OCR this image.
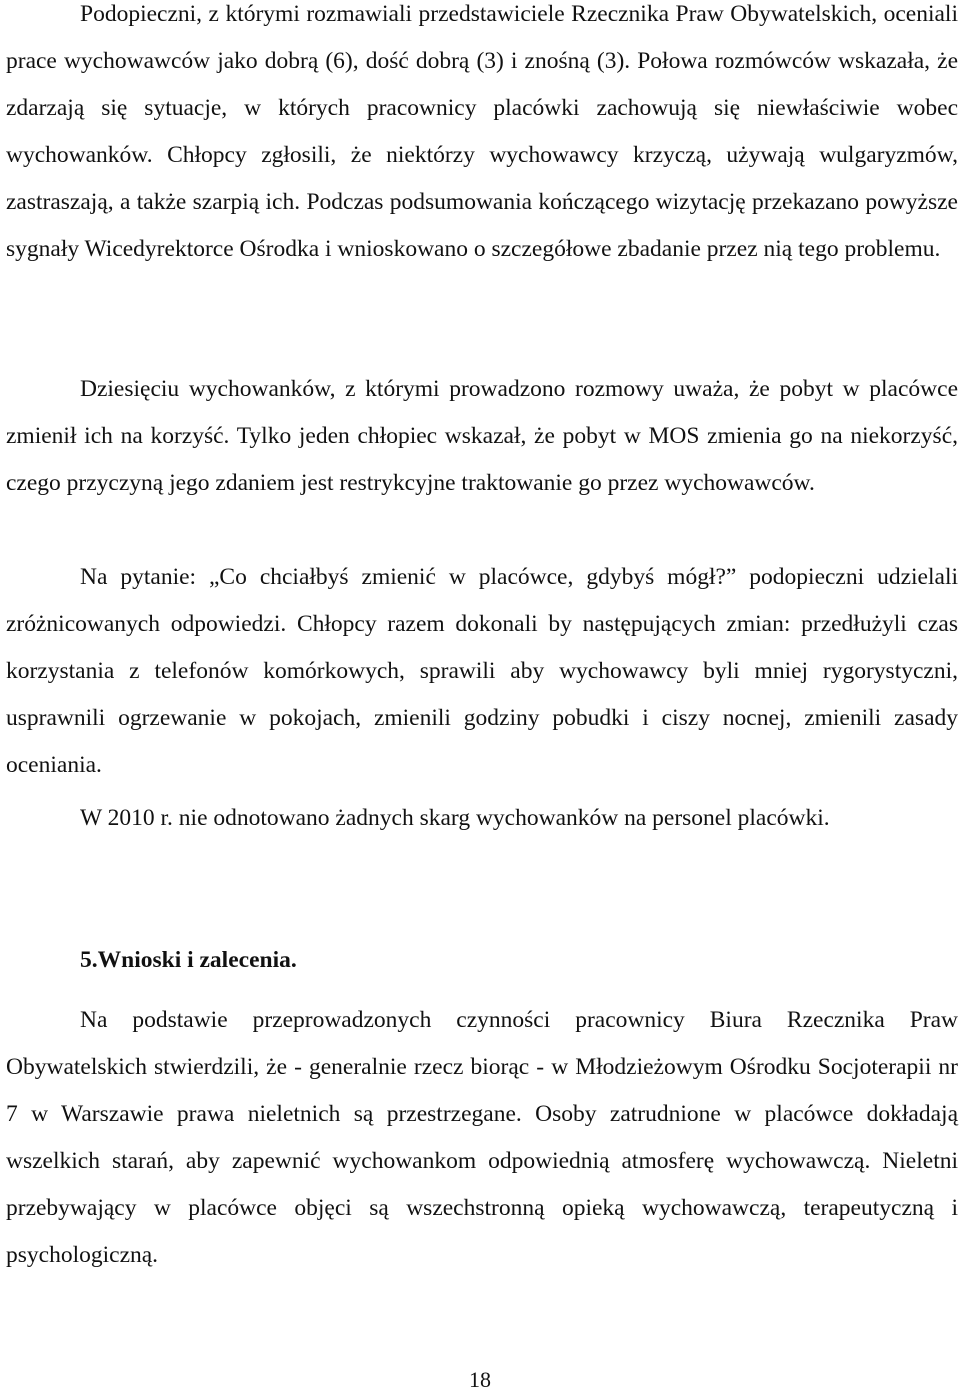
Podopieczni, z którymi rozmawiali przedstawiciele Rzecznika Praw Obywatelskich, oceniali prace wychowawców jako dobrą (6), dość dobrą (3) i znośną (3). Połowa rozmówców wskazała, że zdarzają się sytuacje, w których pracownicy placówki zachowują się niewłaściwie wobec wychowanków. Chłopcy zgłosili, że niektórzy wychowawcy krzyczą, używają wulgaryzmów, zastraszają, a także szarpią ich. Podczas podsumowania kończącego wizytację przekazano powyższe sygnały Wicedyrektorce Ośrodka i wnioskowano o szczegółowe zbadanie przez nią tego problemu.

Dziesięciu wychowanków, z którymi prowadzono rozmowy uważa, że pobyt w placówce zmienił ich na korzyść. Tylko jeden chłopiec wskazał, że pobyt w MOS zmienia go na niekorzyść, czego przyczyną jego zdaniem jest restrykcyjne traktowanie go przez wychowawców.

Na pytanie: „Co chciałbyś zmienić w placówce, gdybyś mógł?” podopieczni udzielali zróżnicowanych odpowiedzi. Chłopcy razem dokonali by następujących zmian: przedłużyli czas korzystania z telefonów komórkowych, sprawili aby wychowawcy byli mniej rygorystyczni, usprawnili ogrzewanie w pokojach, zmienili godziny pobudki i ciszy nocnej, zmienili zasady oceniania.

W 2010 r. nie odnotowano żadnych skarg wychowanków na personel placówki.

5.Wnioski i zalecenia.

Na podstawie przeprowadzonych czynności pracownicy Biura Rzecznika Praw Obywatelskich stwierdzili, że - generalnie rzecz biorąc - w Młodzieżowym Ośrodku Socjoterapii nr 7 w Warszawie prawa nieletnich są przestrzegane. Osoby zatrudnione w placówce dokładają wszelkich starań, aby zapewnić wychowankom odpowiednią atmosferę wychowawczą. Nieletni przebywający w placówce objęci są wszechstronną opieką wychowawczą, terapeutyczną i psychologiczną.

18
